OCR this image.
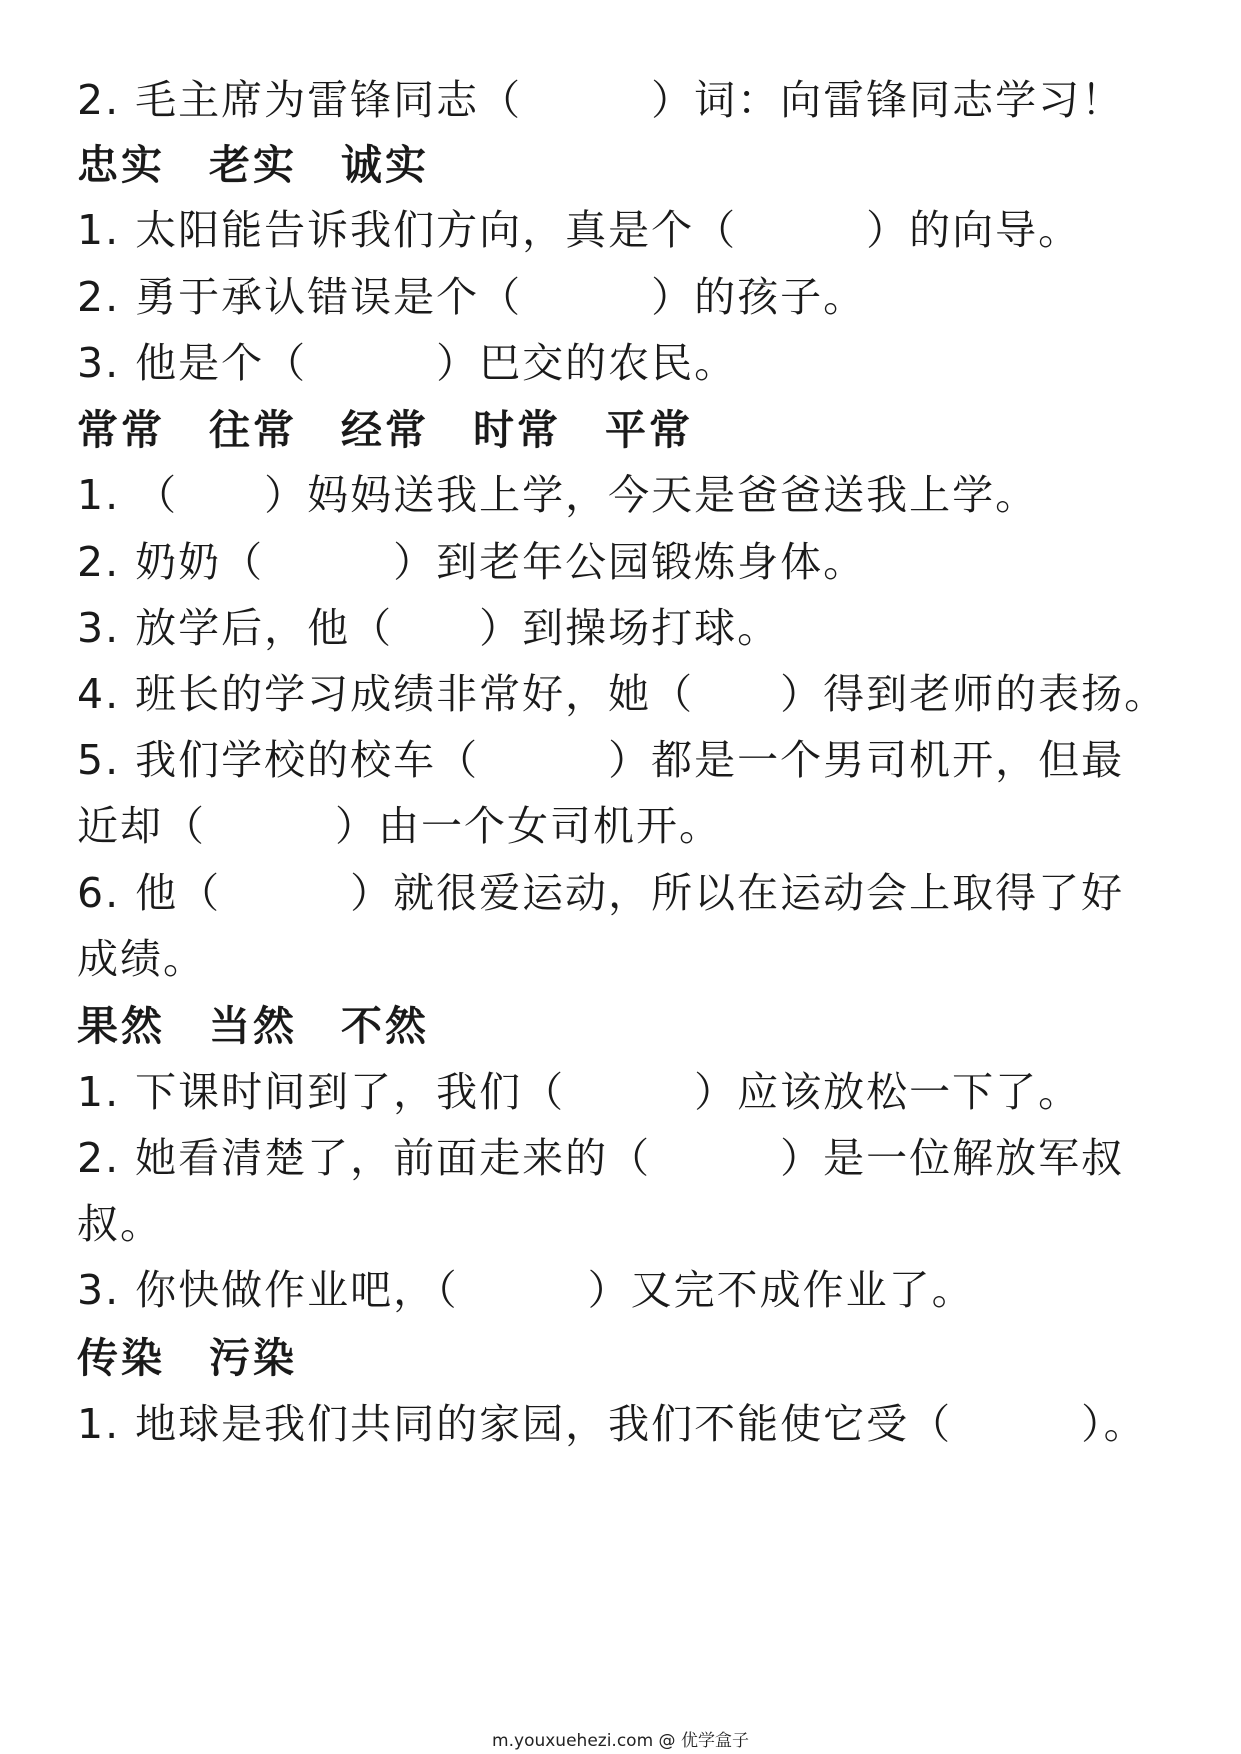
2. 毛主席为雷锋同志（　　　）词：向雷锋同志学习！
忠实　老实　诚实
1. 太阳能告诉我们方向，真是个（　　　）的向导。
2. 勇于承认错误是个（　　　）的孩子。
3. 他是个（　　　）巴交的农民。
常常　往常　经常　时常　平常
1. （　　）妈妈送我上学，今天是爸爸送我上学。
2. 奶奶（　　　）到老年公园锻炼身体。
3. 放学后，他（　　）到操场打球。
4. 班长的学习成绩非常好，她（　　）得到老师的表扬。
5. 我们学校的校车（　　　）都是一个男司机开，但最
近却（　　　）由一个女司机开。
6. 他（　　　）就很爱运动，所以在运动会上取得了好
成绩。
果然　当然　不然
1. 下课时间到了，我们（　　　）应该放松一下了。
2. 她看清楚了，前面走来的（　　　）是一位解放军叔
叔。
3. 你快做作业吧，（　　　）又完不成作业了。
传染　污染
1. 地球是我们共同的家园，我们不能使它受（　　　）。
m.youxuehezi.com @ 优学盒子
